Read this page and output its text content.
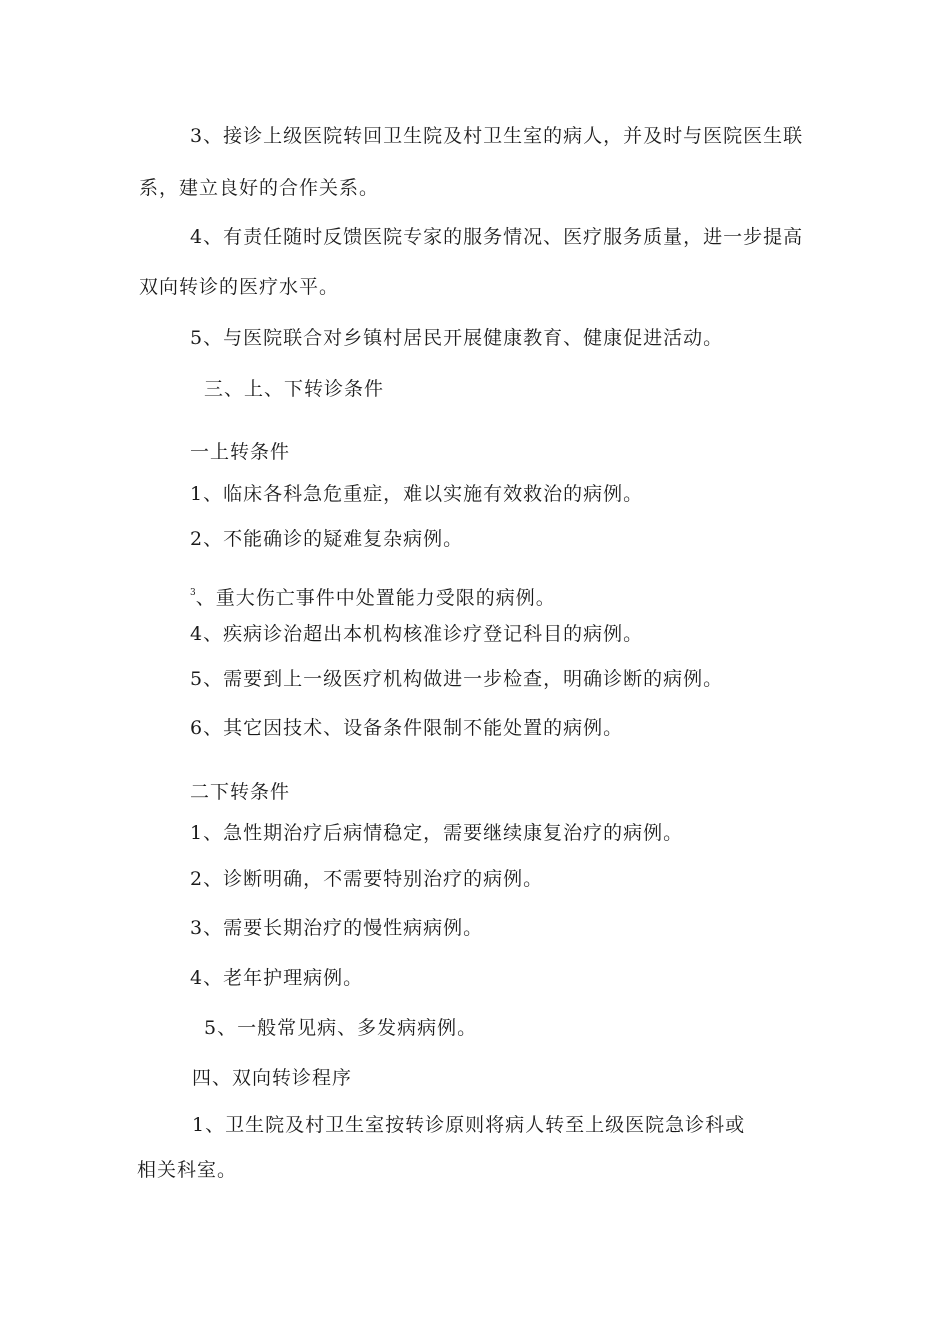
3、接诊上级医院转回卫生院及村卫生室的病人，并及时与医院医生联

系，建立良好的合作关系。

4、有责任随时反馈医院专家的服务情况、医疗服务质量，进一步提高

双向转诊的医疗水平。

5、与医院联合对乡镇村居民开展健康教育、健康促进活动。

三、上、下转诊条件

一上转条件

1、临床各科急危重症，难以实施有效救治的病例。

2、不能确诊的疑难复杂病例。

$^3$、重大伤亡事件中处置能力受限的病例。

4、疾病诊治超出本机构核准诊疗登记科目的病例。

5、需要到上一级医疗机构做进一步检查，明确诊断的病例。

6、其它因技术、设备条件限制不能处置的病例。

二下转条件

1、急性期治疗后病情稳定，需要继续康复治疗的病例。

2、诊断明确，不需要特别治疗的病例。

3、需要长期治疗的慢性病病例。

4、老年护理病例。

5、一般常见病、多发病病例。

四、双向转诊程序

1、卫生院及村卫生室按转诊原则将病人转至上级医院急诊科或

相关科室。
